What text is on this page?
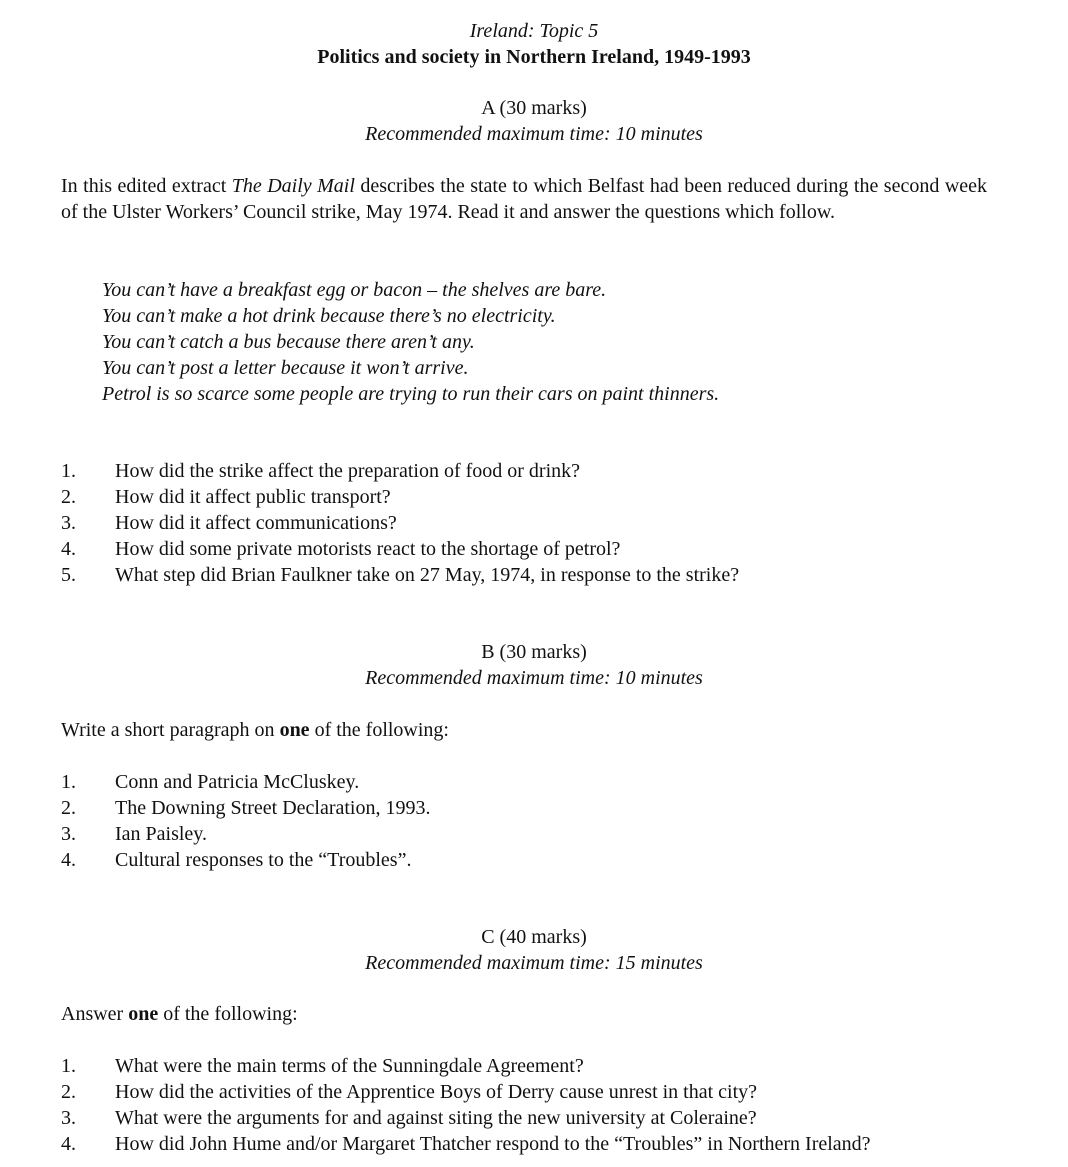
Ireland: Topic 5

Politics and society in Northern Ireland, 1949-1993

A (30 marks)

Recommended maximum time: 10 minutes

In this edited extract The Daily Mail describes the state to which Belfast had been reduced during the second week of the Ulster Workers’ Council strike, May 1974. Read it and answer the questions which follow.

You can’t have a breakfast egg or bacon – the shelves are bare.

You can’t make a hot drink because there’s no electricity.

You can’t catch a bus because there aren’t any.

You can’t post a letter because it won’t arrive.

Petrol is so scarce some people are trying to run their cars on paint thinners.

1. How did the strike affect the preparation of food or drink?
2. How did it affect public transport?
3. How did it affect communications?
4. How did some private motorists react to the shortage of petrol?
5. What step did Brian Faulkner take on 27 May, 1974, in response to the strike?

B (30 marks)

Recommended maximum time: 10 minutes

Write a short paragraph on one of the following:

1. Conn and Patricia McCluskey.
2. The Downing Street Declaration, 1993.
3. Ian Paisley.
4. Cultural responses to the “Troubles”.

C (40 marks)

Recommended maximum time: 15 minutes

Answer one of the following:

1. What were the main terms of the Sunningdale Agreement?
2. How did the activities of the Apprentice Boys of Derry cause unrest in that city?
3. What were the arguments for and against siting the new university at Coleraine?
4. How did John Hume and/or Margaret Thatcher respond to the “Troubles” in Northern Ireland?
